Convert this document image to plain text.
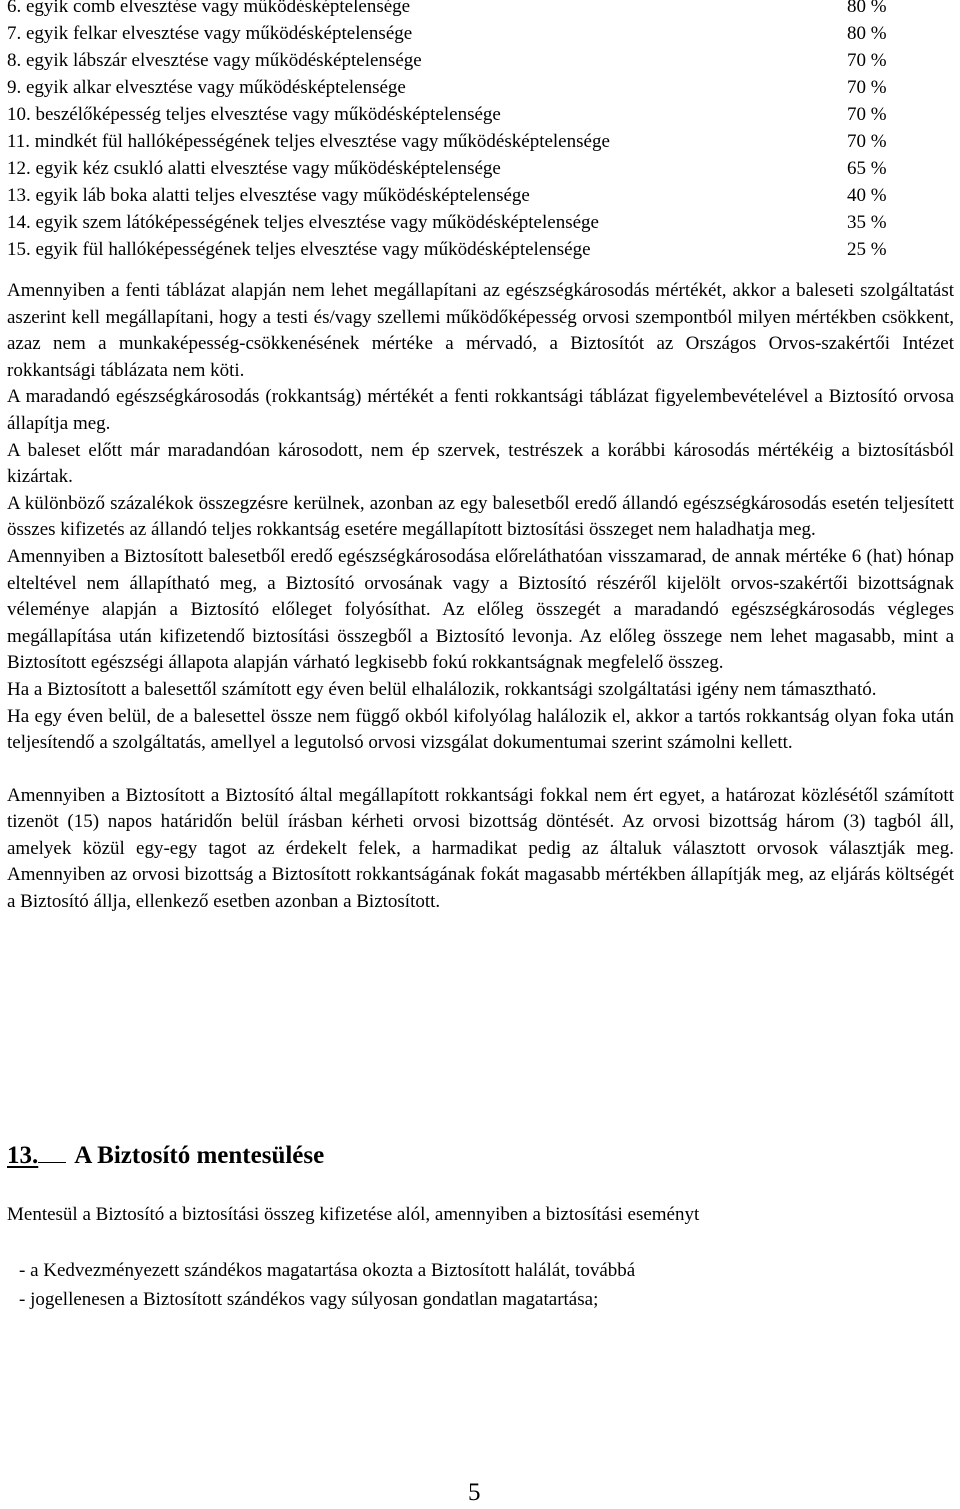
6. egyik comb elvesztése vagy működésképtelensége	80 %
7. egyik felkar elvesztése vagy működésképtelensége	80 %
8. egyik lábszár elvesztése vagy működésképtelensége	70 %
9. egyik alkar elvesztése vagy működésképtelensége	70 %
10. beszélőképesség teljes elvesztése vagy működésképtelensége	70 %
11. mindkét fül hallóképességének teljes elvesztése vagy működésképtelensége	70 %
12. egyik kéz csukló alatti elvesztése vagy működésképtelensége	65 %
13. egyik láb boka alatti teljes elvesztése vagy működésképtelensége	40 %
14. egyik szem látóképességének teljes elvesztése vagy működésképtelensége	35 %
15. egyik fül hallóképességének teljes elvesztése vagy működésképtelensége	25 %

Amennyiben a fenti táblázat alapján nem lehet megállapítani az egészségkárosodás mértékét, akkor a baleseti szolgáltatást aszerint kell megállapítani, hogy a testi és/vagy szellemi működőképesség orvosi szempontból milyen mértékben csökkent, azaz nem a munkaképesség-csökkenésének mértéke a mérvadó, a Biztosítót az Országos Orvos-szakértői Intézet rokkantsági táblázata nem köti.

A maradandó egészségkárosodás (rokkantság) mértékét a fenti rokkantsági táblázat figyelembevételével a Biztosító orvosa állapítja meg.

A baleset előtt már maradandóan károsodott, nem ép szervek, testrészek a korábbi károsodás mértékéig a biztosításból kizártak.

A különböző százalékok összegzésre kerülnek, azonban az egy balesetből eredő állandó egészségkárosodás esetén teljesített összes kifizetés az állandó teljes rokkantság esetére megállapított biztosítási összeget nem haladhatja meg.

Amennyiben a Biztosított balesetből eredő egészségkárosodása előreláthatóan visszamarad, de annak mértéke 6 (hat) hónap elteltével nem állapítható meg, a Biztosító orvosának vagy a Biztosító részéről kijelölt orvos-szakértői bizottságnak véleménye alapján a Biztosító előleget folyósíthat. Az előleg összegét a maradandó egészségkárosodás végleges megállapítása után kifizetendő biztosítási összegből a Biztosító levonja. Az előleg összege nem lehet magasabb, mint a Biztosított egészségi állapota alapján várható legkisebb fokú rokkantságnak megfelelő összeg.

Ha a Biztosított a balesettől számított egy éven belül elhalálozik, rokkantsági szolgáltatási igény nem támasztható.

Ha egy éven belül, de a balesettel össze nem függő okból kifolyólag halálozik el, akkor a tartós rokkantság olyan foka után teljesítendő a szolgáltatás, amellyel a legutolsó orvosi vizsgálat dokumentumai szerint számolni kellett.

Amennyiben a Biztosított a Biztosító által megállapított rokkantsági fokkal nem ért egyet, a határozat közlésétől számított tizenöt (15) napos határidőn belül írásban kérheti orvosi bizottság döntését. Az orvosi bizottság három (3) tagból áll, amelyek közül egy-egy tagot az érdekelt felek, a harmadikat pedig az általuk választott orvosok választják meg. Amennyiben az orvosi bizottság a Biztosított rokkantságának fokát magasabb mértékben állapítják meg, az eljárás költségét a Biztosító állja, ellenkező esetben azonban a Biztosított.

13. A Biztosító mentesülése
Mentesül a Biztosító a biztosítási összeg kifizetése alól, amennyiben a biztosítási eseményt
- a Kedvezményezett szándékos magatartása okozta a Biztosított halálát, továbbá
- jogellenesen a Biztosított szándékos vagy súlyosan gondatlan magatartása;
5
